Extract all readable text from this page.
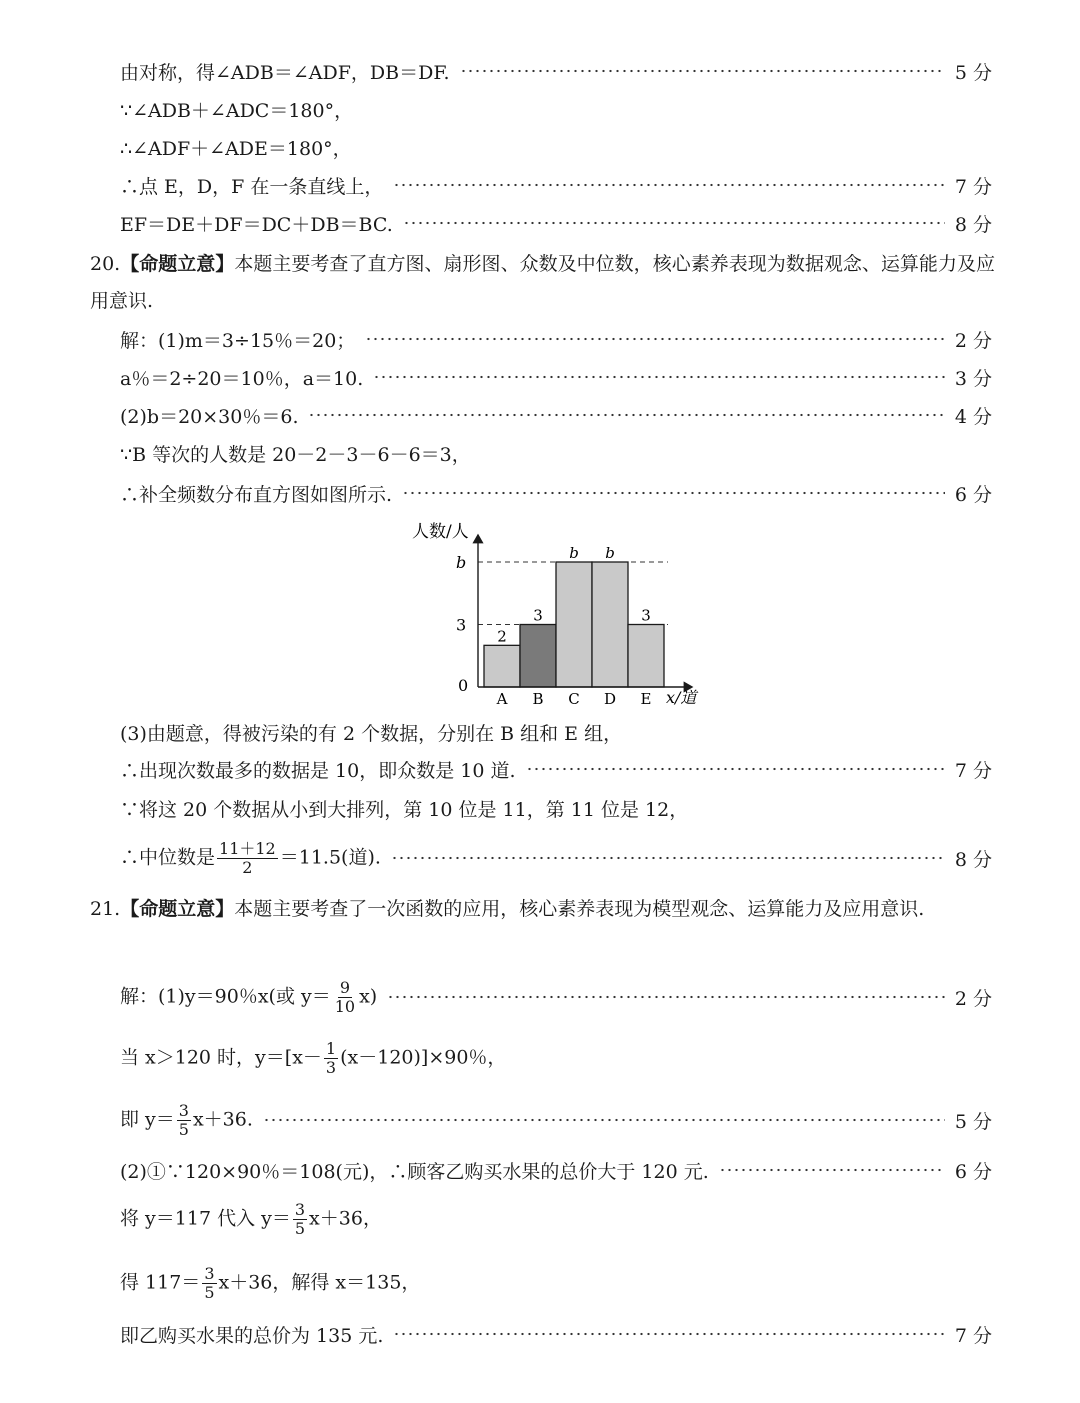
由对称，得∠ADB＝∠ADF，DB＝DF.	5 分
∵∠ADB＋∠ADC＝180°，
∴∠ADF＋∠ADE＝180°，
∴点 E，D，F 在一条直线上，	7 分
EF＝DE＋DF＝DC＋DB＝BC.	8 分
20.【命题立意】本题主要考查了直方图、扇形图、众数及中位数，核心素养表现为数据观念、运算能力及应用意识.
解：(1)m＝3÷15％＝20；	2 分
a％＝2÷20＝10％，a＝10.	3 分
(2)b＝20×30％＝6.	4 分
∵B 等次的人数是 20－2－3－6－6＝3，
∴补全频数分布直方图如图所示.	6 分
人数/人
x/道
0
3
b
2
A
3
B
b
C
b
D
3
E
(3)由题意，得被污染的有 2 个数据，分别在 B 组和 E 组，
∴出现次数最多的数据是 10，即众数是 10 道.	7 分
∵将这 20 个数据从小到大排列，第 10 位是 11，第 11 位是 12，
∴中位数是 $\frac{11+12}{2} =11.5$(道).	8 分
21.【命题立意】本题主要考查了一次函数的应用，核心素养表现为模型观念、运算能力及应用意识.
解：(1)y＝90％x(或 $y= \frac{9}{10} x$)	2 分
当 x＞120 时，$y=[x- \frac{1}{3} (x-120)]\times 90$％，
即 $y= \frac{3}{5} x+36$.	5 分
(2)①∵120×90％＝108(元)，∴顾客乙购买水果的总价大于 120 元.	6 分
将 y＝117 代入 $y= \frac{3}{5} x+36$，
得 $117= \frac{3}{5} x+36$，解得 x＝135，
即乙购买水果的总价为 135 元.	7 分
